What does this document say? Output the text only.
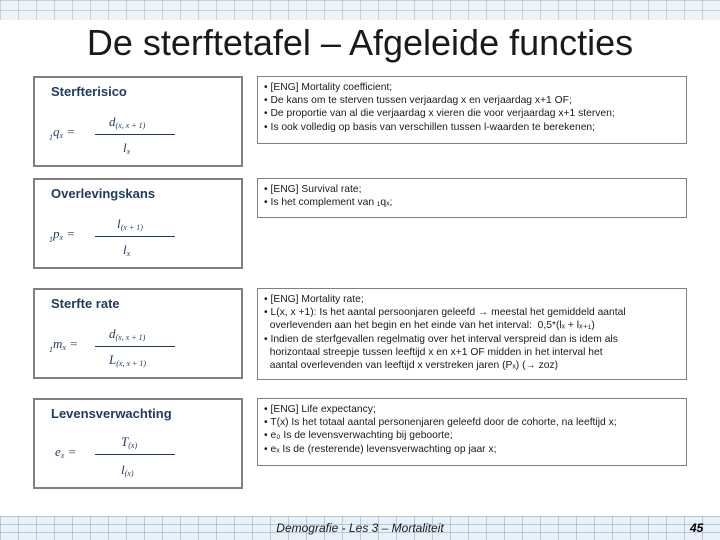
De sterftetafel – Afgeleide functies
Sterfterisico
$_1q_x$ =
$d_{(x, x + 1)}$
$l_x$
• [ENG] Mortality coefficient;
• De kans om te sterven tussen verjaardag x en verjaardag x+1 OF;
• De proportie van al die verjaardag x vieren die voor verjaardag x+1 sterven;
• Is ook volledig op basis van verschillen tussen l-waarden te berekenen;
Overlevingskans
$_1p_x$ =
$l_{(x + 1)}$
$l_x$
• [ENG] Survival rate;
• Is het complement van ₁qₓ;
Sterfte rate
$_1m_x$ =
$d_{(x, x + 1)}$
$L_{(x, x + 1)}$
• [ENG] Mortality rate;
• L(x, x +1): Is het aantal persoonjaren geleefd → meestal het gemiddeld aantal
overlevenden aan het begin en het einde van het interval:  0,5*(lₓ + lₓ₊₁)
• Indien de sterfgevallen regelmatig over het interval verspreid dan is idem als
horizontaal streepje tussen leeftijd x en x+1 OF midden in het interval het
aantal overlevenden van leeftijd x verstreken jaren (Pₓ) (→ zoz)
Levensverwachting
$e_x$ =
$T_{(x)}$
$l_{(x)}$
• [ENG] Life expectancy;
• T(x) Is het totaal aantal personenjaren geleefd door de cohorte, na leeftijd x;
• e₀ Is de levensverwachting bij geboorte;
• eₓ Is de (resterende) levensverwachting op jaar x;
Demografie - Les 3 – Mortaliteit	45
